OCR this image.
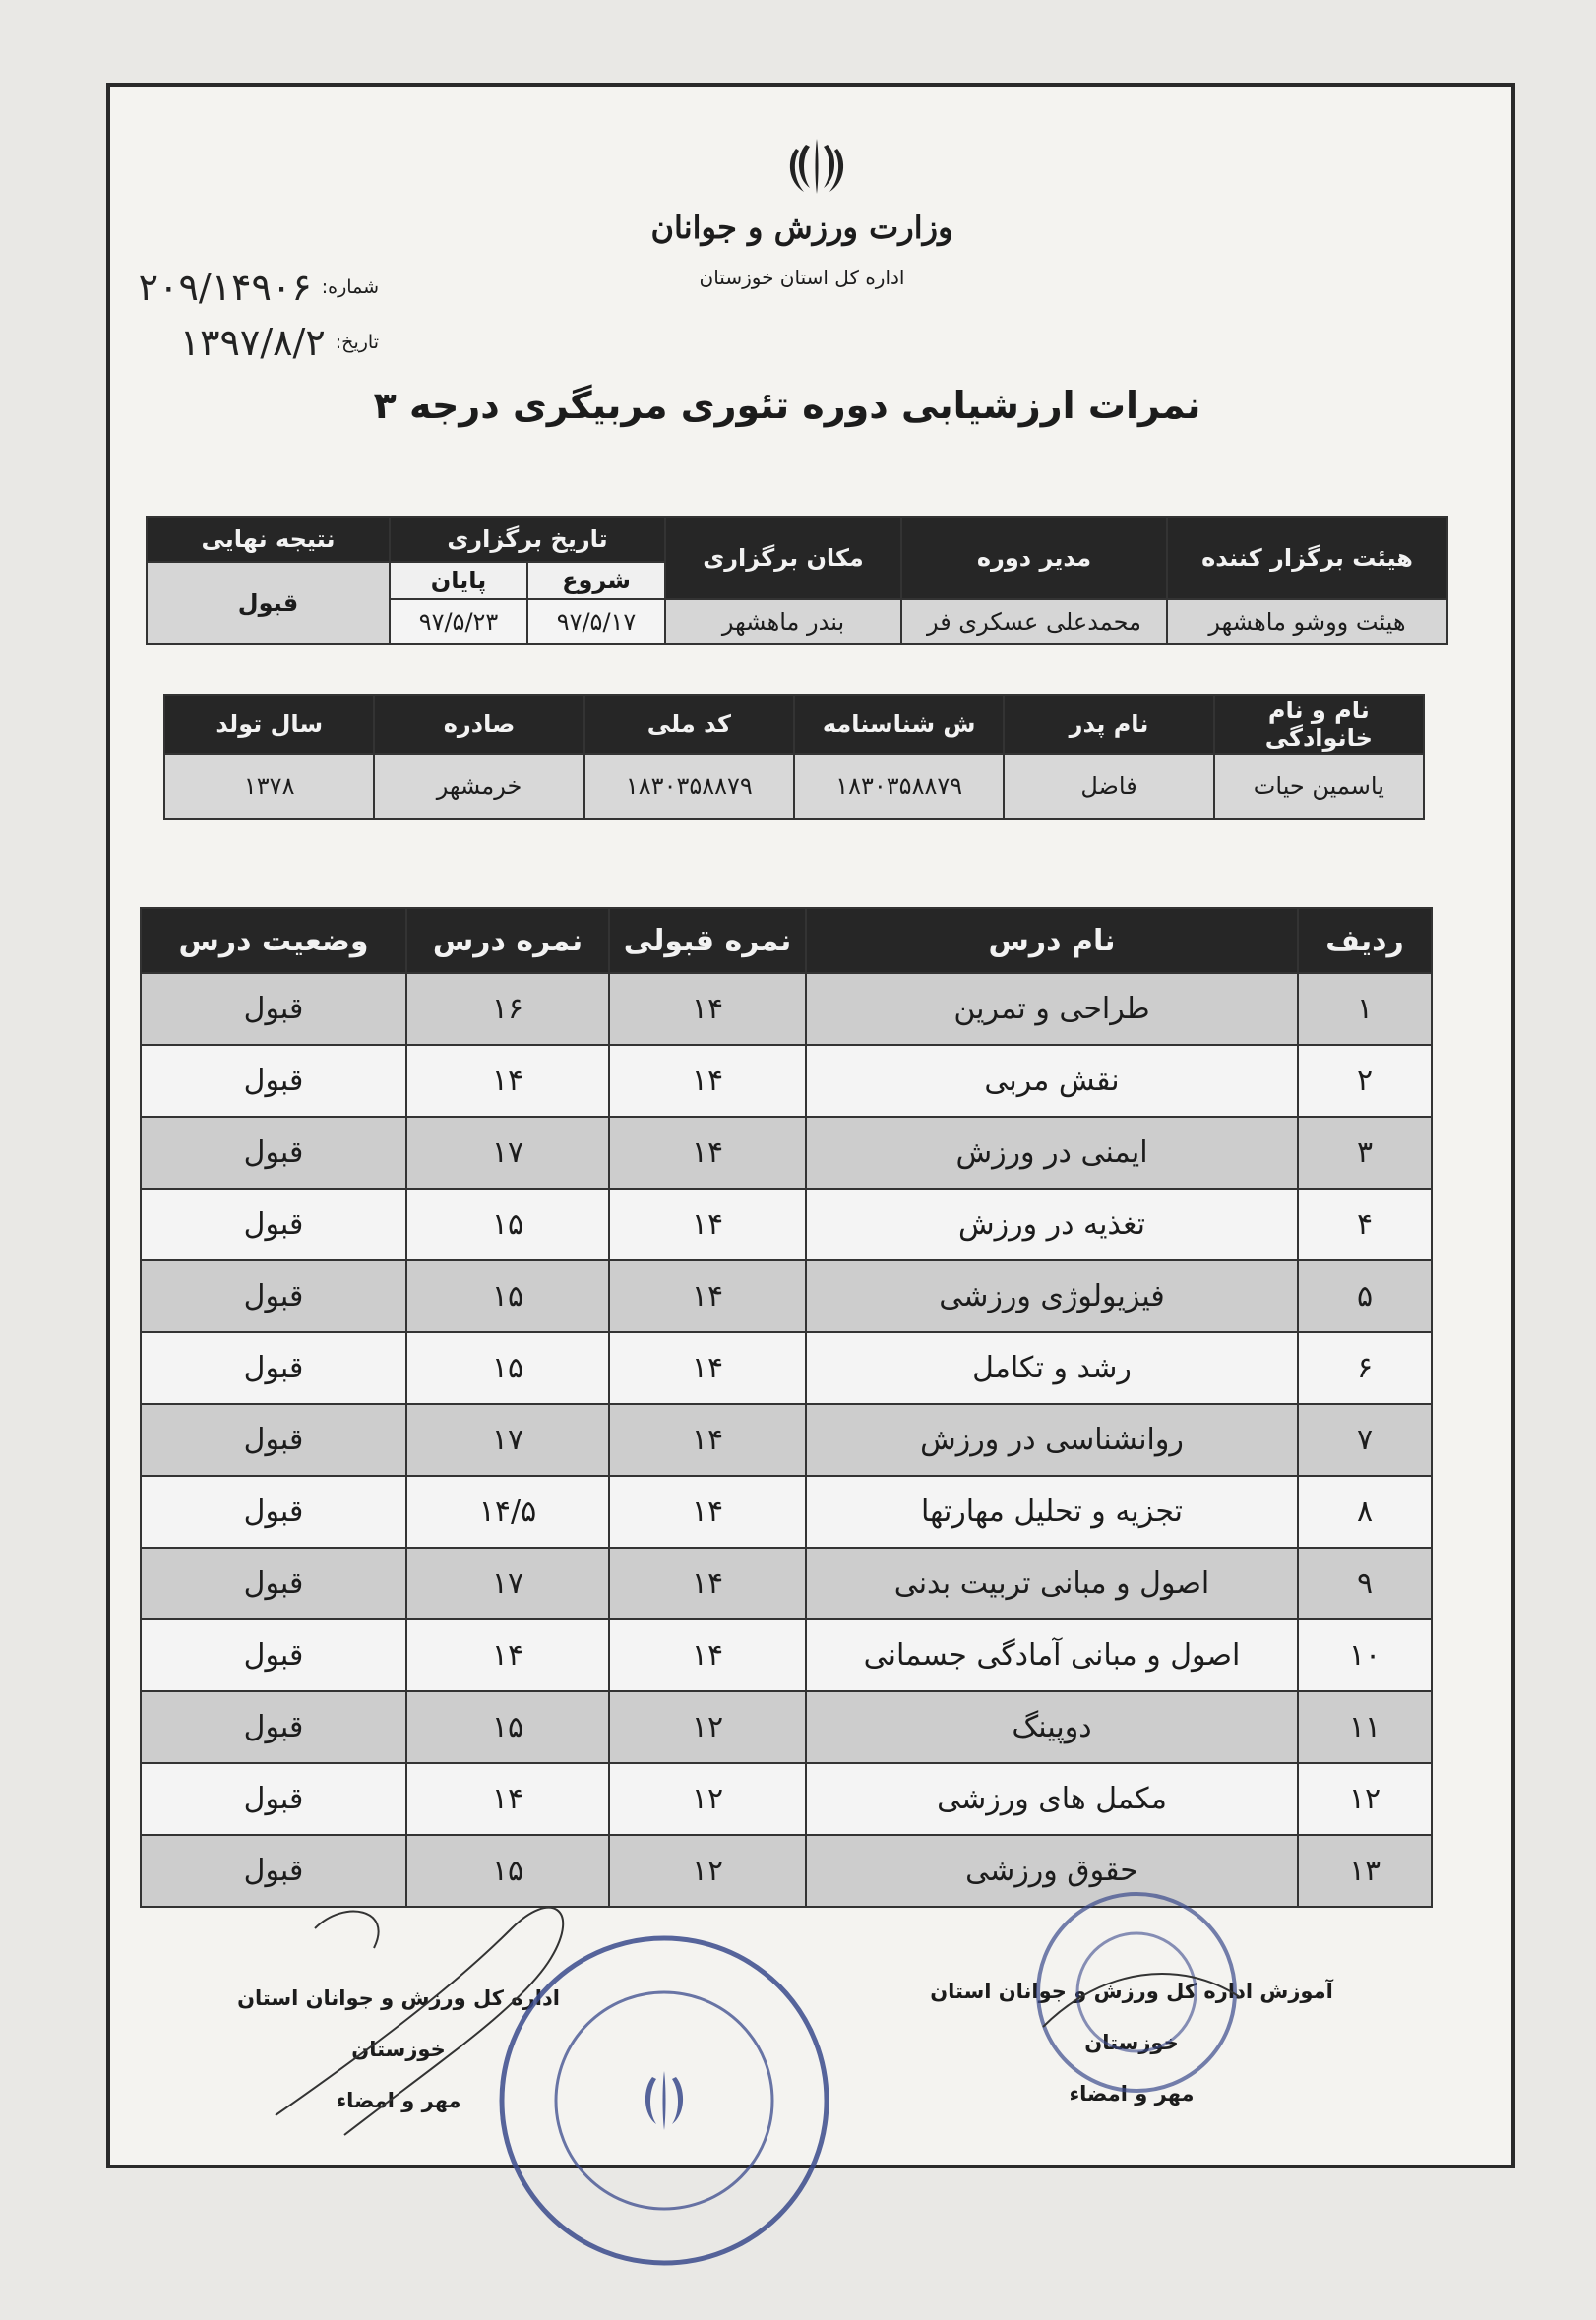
وزارت ورزش و جوانان
اداره کل استان خوزستان
شماره:
۲۰۹/۱۴۹۰۶
تاریخ:
۱۳۹۷/۸/۲
نمرات ارزشیابی دوره تئوری مربیگری درجه ۳
هیئت برگزار کننده	مدیر دوره	مکان برگزاری	تاریخ برگزاری		نتیجه نهایی
			شروع	پایان	قبول
هیئت ووشو ماهشهر	محمدعلی عسکری فر	بندر ماهشهر	۹۷/۵/۱۷	۹۷/۵/۲۳	
نام و نام خانوادگی	نام پدر	ش شناسنامه	کد ملی	صادره	سال تولد
یاسمین حیات	فاضل	۱۸۳۰۳۵۸۸۷۹	۱۸۳۰۳۵۸۸۷۹	خرمشهر	۱۳۷۸
ردیف	نام درس	نمره قبولی	نمره درس	وضعیت درس
۱	طراحی و تمرین	۱۴	۱۶	قبول
۲	نقش مربی	۱۴	۱۴	قبول
۳	ایمنی در ورزش	۱۴	۱۷	قبول
۴	تغذیه در ورزش	۱۴	۱۵	قبول
۵	فیزیولوژی ورزشی	۱۴	۱۵	قبول
۶	رشد و تکامل	۱۴	۱۵	قبول
۷	روانشناسی در ورزش	۱۴	۱۷	قبول
۸	تجزیه و تحلیل مهارتها	۱۴	۱۴/۵	قبول
۹	اصول و مبانی تربیت بدنی	۱۴	۱۷	قبول
۱۰	اصول و مبانی آمادگی جسمانی	۱۴	۱۴	قبول
۱۱	دوپینگ	۱۲	۱۵	قبول
۱۲	مکمل های ورزشی	۱۲	۱۴	قبول
۱۳	حقوق ورزشی	۱۲	۱۵	قبول
اداره کل ورزش و جوانان استان خوزستان
مهر و امضاء
آموزش اداره کل ورزش و جوانان استان خوزستان
مهر و امضاء
